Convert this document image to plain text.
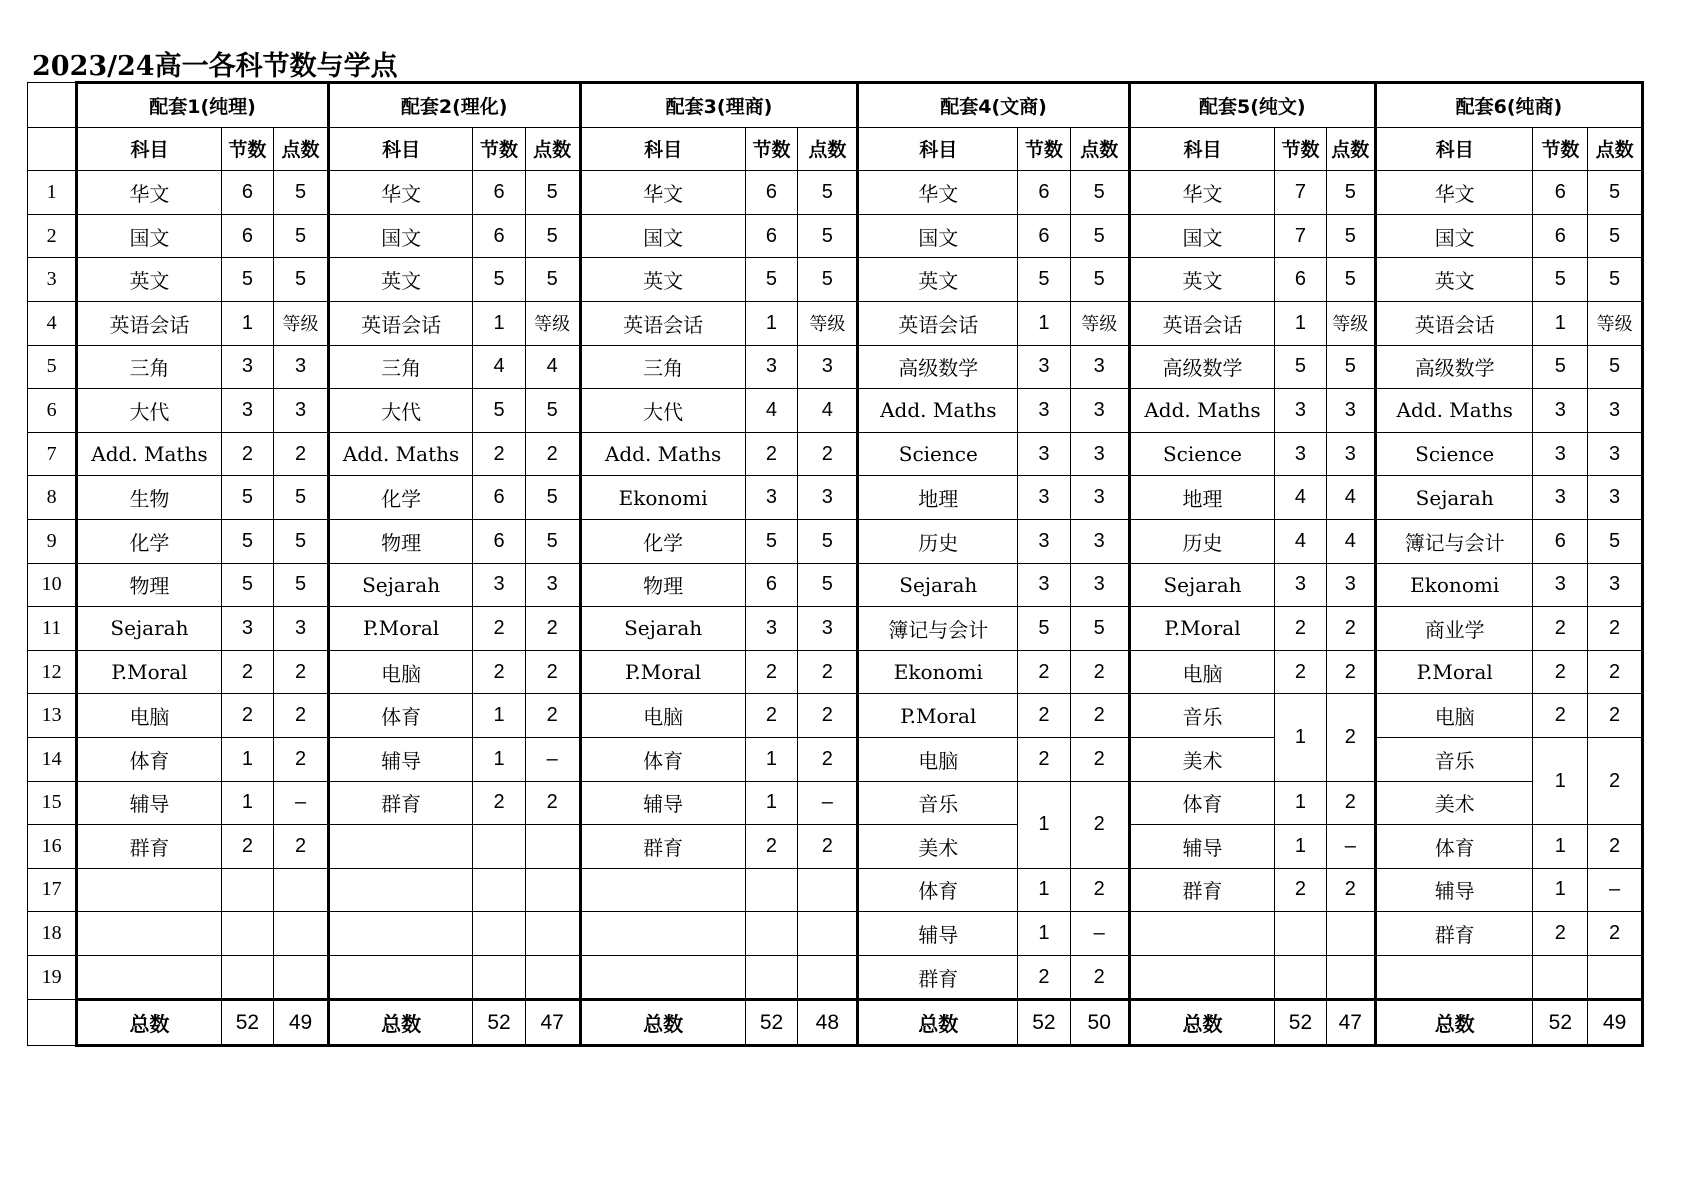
2023/24高一各科节数与学点
	配套1(纯理)			配套2(理化)			配套3(理商)			配套4(文商)			配套5(纯文)			配套6(纯商)		
	科目	节数	点数	科目	节数	点数	科目	节数	点数	科目	节数	点数	科目	节数	点数	科目	节数	点数
1	华文	6	5	华文	6	5	华文	6	5	华文	6	5	华文	7	5	华文	6	5
2	国文	6	5	国文	6	5	国文	6	5	国文	6	5	国文	7	5	国文	6	5
3	英文	5	5	英文	5	5	英文	5	5	英文	5	5	英文	6	5	英文	5	5
4	英语会话	1	等级	英语会话	1	等级	英语会话	1	等级	英语会话	1	等级	英语会话	1	等级	英语会话	1	等级
5	三角	3	3	三角	4	4	三角	3	3	高级数学	3	3	高级数学	5	5	高级数学	5	5
6	大代	3	3	大代	5	5	大代	4	4	Add. Maths	3	3	Add. Maths	3	3	Add. Maths	3	3
7	Add. Maths	2	2	Add. Maths	2	2	Add. Maths	2	2	Science	3	3	Science	3	3	Science	3	3
8	生物	5	5	化学	6	5	Ekonomi	3	3	地理	3	3	地理	4	4	Sejarah	3	3
9	化学	5	5	物理	6	5	化学	5	5	历史	3	3	历史	4	4	簿记与会计	6	5
10	物理	5	5	Sejarah	3	3	物理	6	5	Sejarah	3	3	Sejarah	3	3	Ekonomi	3	3
11	Sejarah	3	3	P.Moral	2	2	Sejarah	3	3	簿记与会计	5	5	P.Moral	2	2	商业学	2	2
12	P.Moral	2	2	电脑	2	2	P.Moral	2	2	Ekonomi	2	2	电脑	2	2	P.Moral	2	2
13	电脑	2	2	体育	1	2	电脑	2	2	P.Moral	2	2	音乐	1	2	电脑	2	2
14	体育	1	2	辅导	1	–	体育	1	2	电脑	2	2	美术			音乐	1	2
15	辅导	1	–	群育	2	2	辅导	1	–	音乐	1	2	体育	1	2	美术		
16	群育	2	2				群育	2	2	美术			辅导	1	–	体育	1	2
17										体育	1	2	群育	2	2	辅导	1	–
18										辅导	1	–				群育	2	2
19										群育	2	2						
	总数	52	49	总数	52	47	总数	52	48	总数	52	50	总数	52	47	总数	52	49
